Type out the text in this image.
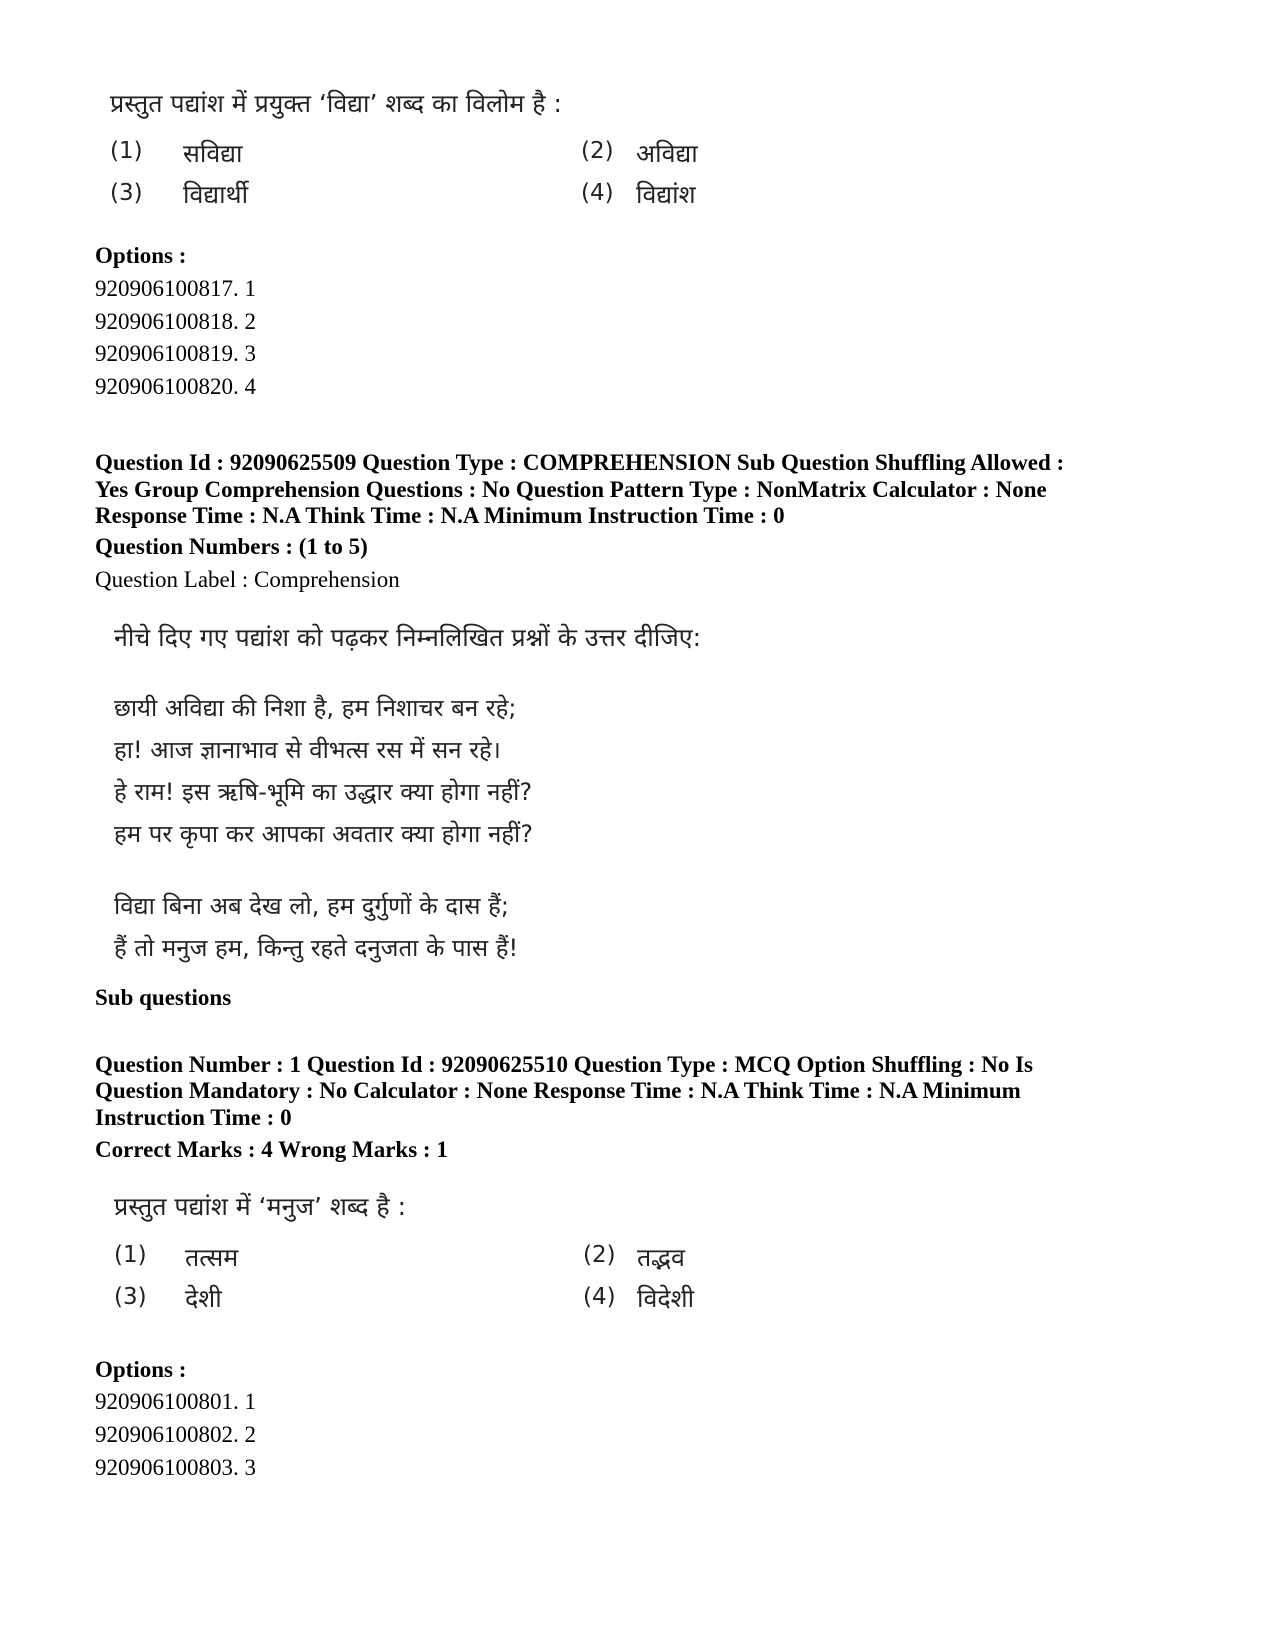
प्रस्तुत पद्यांश में प्रयुक्त ‘विद्या’ शब्द का विलोम है :
(1) सविद्या	(2) अविद्या
(3) विद्यार्थी	(4) विद्यांश
Options :
920906100817. 1
920906100818. 2
920906100819. 3
920906100820. 4
Question Id : 92090625509 Question Type : COMPREHENSION Sub Question Shuffling Allowed :
Yes Group Comprehension Questions : No Question Pattern Type : NonMatrix Calculator : None
Response Time : N.A Think Time : N.A Minimum Instruction Time : 0
Question Numbers : (1 to 5)
Question Label : Comprehension
नीचे दिए गए पद्यांश को पढ़कर निम्नलिखित प्रश्नों के उत्तर दीजिए:
छायी अविद्या की निशा है, हम निशाचर बन रहे;
हा! आज ज्ञानाभाव से वीभत्स रस में सन रहे।
हे राम! इस ऋषि-भूमि का उद्धार क्या होगा नहीं?
हम पर कृपा कर आपका अवतार क्या होगा नहीं?
विद्या बिना अब देख लो, हम दुर्गुणों के दास हैं;
हैं तो मनुज हम, किन्तु रहते दनुजता के पास हैं!
Sub questions
Question Number : 1 Question Id : 92090625510 Question Type : MCQ Option Shuffling : No Is
Question Mandatory : No Calculator : None Response Time : N.A Think Time : N.A Minimum
Instruction Time : 0
Correct Marks : 4 Wrong Marks : 1
प्रस्तुत पद्यांश में ‘मनुज’ शब्द है :
(1) तत्सम	(2) तद्भव
(3) देशी	(4) विदेशी
Options :
920906100801. 1
920906100802. 2
920906100803. 3
